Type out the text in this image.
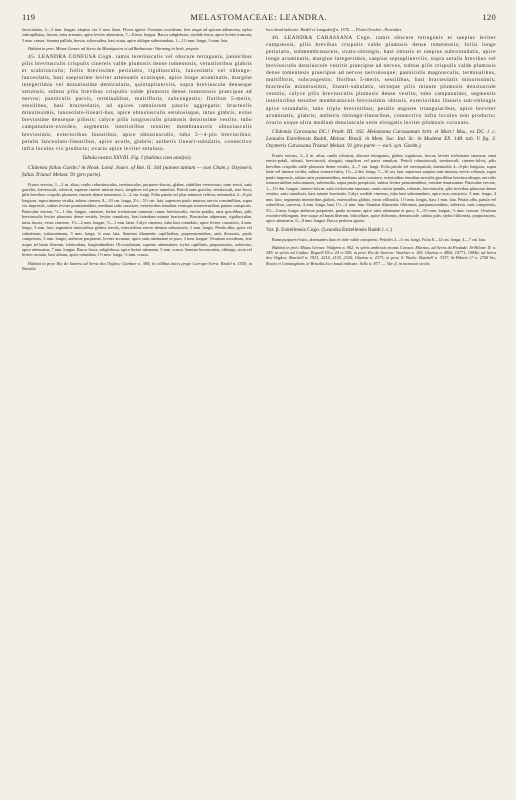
119	MELASTOMACEAE: LEANDRA.	120

fasciculatae, 2—3 mm. longae, saepius via ½ mm. latae. Flores ignoti. Ovarium ovoideum, fere usque ad apicem adhaerens; stylus subcapillatus, firmus, setis armatus, apice leviter attenuatus, 7—8 mm. longus. Bacca subglobosa, sordide fusca, apice leviter truncata, 5 mm. crassa. Semina pallida, brevia, subovoidea, basi acuta, apice oblique subrotundata, 1—1½ mm. longa, ½ mm. lata.

Habitat in prov. Minas Geraes ad Serra da Mantiqueira et ad Barbacena: Warming in herb. propria.

45. LEANDRA CONFUSA Cogn. ramis teretiusculis vel obscure tetragonis, junioribus pilis breviusculis crispulis cinereis valde plumosis dense tomentosis, vetustioribus glabris et scabriusculis; foliis brevissime petiolatis, rigidiusculis, lanceolatis vel oblongo-lanceolatis, basi saepissime leviter attenuatis acutisque, apice longe acuminatis, margine integerrimis vel minutissime denticulatis, quintuplinerviis, supra breviuscule densequе setulosis, subtus pilis brevibus crispulis valde plumosis dense tomentosis praecipue ad nervos; panniculis parvis, terminalibus, multifloris, subcongestis; floribus 5-meris, sessilibus, basi bracteolatis, ad apices ramulorum paucis aggregatis; bracteolis minutissimis, lanceolato-lineari-bus, apice obtusiusculis setulosisque, intus glabris, extus brevissime densequе pilosis; calyce pilis longiusculis plumosis densissime vestito, tubo campanulato-ovoideo, segmentis interioribus tenuiter membranaceis obtusiusculis brevissimis, exterioribus linearibus, apice obtusiusculis, tubo 3—4-plo brevioribus; petalis lanceolato-linearibus, apice acutis, glabris; antheris lineari-subulatis, connectivo infra loculos vix producto; ovario apice leviter setuloso.

Tabula nostra XXVIII. Fig. I (habitus cum analysi).

Clidemia fallax Gardn.! in Hook. Lond. Journ. of Bot. II. 344 (nomen tantum — non Cham.). Oxymeris fallax Triana! Melast. 91 (pro parte).

Frutex erectus, 1—2 m. altus; caulis robustiusculus, teretiusculus, purpureo-fuscus, glaber, subtiliter verrucosus; rami erecti, satis graciles, breviusculi, subrecti, superne cinerei inferne fusci, simplices vel parce ramulosi. Petioli satis graciles, teretiusculi, atro-fusci, pilis brevibus crispulis plumosis cinereis dense tomentosi, 1—2 cm. longi. Folia patula vel plus minusve reflexa, internodiis 4—6-plo longiora, supra intense viridia, subtus cinerea, 8—10 cm. longa, 3½—5½ cm. lata, superiora paulo minora; nervis consimilibus, supra vix impressis, subtus leviter prominentibus, mediano satis crassiore, exterioribus tenuibus venisque transversalibus parum conspicuis. Paniculae erectae, ½—1 dm. longae, cinereae, leviter trichotome ramosae; ramis breviusculis, erecto-patulis, satis gracilibus, pilis breviusculis leviter plumosis dense vestitis, leviter ramulosis, basi interdum minute bracteatis. Bracteolae adpressae, rigidiusculae, intus fuscae, extus cinereae, 1½—2 mm. longae, ½—1 mm. latae. Calyx cinereus, tubo basi rotundato, apice leviter constricto, 4 mm. longo, 3 mm. lato; segmentis interioribus glabris erectis, exterioribus erecto densius subsetaceis, 1 mm. longis. Petala alba, apice vel subrubrum, subacuminata, 3 mm. longa, ¾ mm. lata. Stamina filamentis capillaribus, purpurascentibus, satis flexuosis, paulo compressis, 3 mm. longis; antherae purpureae, leviter arcuatae, apice satis attenuatae et poro, 3 mm. longae. Ovarium ovoideum, fere usque ad basin liberum, tuberculata, longitudinaliter 10-costulatum, superne attenuatum; stylus capillaris, purpurascens, subrectus, apice attenuatus, 7 mm. longus. Bacca fusca, subglobosa, apice leviter attenuata, 5 mm. crassa. Semina fuscescentia, oblonga, recta vel leviter arcuata, basi obtusa, apice rotundata, 1½ mm. longa, ½ mm. crassa.

Habitat in prov. Rio de Janeiro ad Serra dos Orgãos: Gardner n. 384; in collibus micis prope Carrapo-Serra: Riedel n. 1555; in Brasilia

loco haud indicato: Riedel et Langsdorff n. 1576. — Floret Octobri—Novembri.

46. LEANDRA CARASSANA Cogn. ramis obscure tetragonis et saepius leviter compressis, pilis brevibus crispulis valde plumosis dense tomentosis; foliis longe petiolatis, submembranaceis, ovato-oblongis, basi obtusis et saepius subrotundatis, apice longe acuminatis, margine integerrimis, saepius septuplinerviis, supra setulis brevibus vel breviusculis densiuscule vestitis praecipue ad nervos, subtus pilis crispulis valde plumosis dense tomentosis praecipue ad nervos nervulosque; panniculis magnusculis, terminalibus, multifloris, subcongestis; floribus 5-meris, sessilibus, basi bracteolatis minutissimis; bracteolis minutissimis, lineari-subulatis, utrinque pilis minute plumosis densiuscule vestitis; calyce pilis breviusculis plumosis dense vestito, tubo campanulato, segmentis interioribus tenuiter membranaceis brevissimis obtusis, exterioribus linearis sub-oblongis apice rotundatis, tubo triplo brevioribus; petalis anguste triangularibus, apice breviter acuminatis, glabris; antheris oblongo-linearibus, connectivo infra loculos non producto; ovario usque ultra medium densiuscule setis elongatis leviter plumosis coronato.

Clidemia Carassana DC.! Prodr. III. 162. Melastoma Carassanum Schr. et Mart.! Mss., ex DC. l. c. Leandra Estrellensis Raddi, Melast. Brasil. in Mem. Soc. Ital. Sc. in Modena XX. 148. tab. V. fig. 3. Oxymeris Carassana Triana! Melast. 91 (pro parte — excl. syn. Gardn.).

Frutex erectus, 3—5 m. altus; caulis robustus, obscure tetragonus, glaber, rugulosus, fuscus, leviter trichotome ramosus; rami erecto-patuli, robusti, breviusculi, elongati, simplices vel parce ramulosi. Petioli robustiusculi, teretiusculi, cinereo-fulvis, pilis brevibus crispulis valde plumosis dense vestitis, 4—7 cm. longi. Folia patula vel erectopatula, internodiis 4—6-plo longiora, supra laete vel intense viridia, subtus cinereo-fulva, 1½—2 dm. longa, 7—10 cm. lata, superiora saepius satis minora; nervis robustis, supra paulo impressis, subtus satis prominentibus, mediano satis crassiore, exterioribus tenuibus nervulis gracilibus breviusculisque; nervulis transversalibus subcontinuis, subvenulis, supra paulo perspicuis, subtus leviter prominentibus, venulae tenuissimae. Paniculae erectae, 1—1½ dm. longae, cinereo-fulvae, satis trichotome ramosae; ramis erecto-patulis, robustis, breviusculis, pilis brevibus plumosis dense vestitis, satis ramulosis, basi minute bracteatis. Calyx sordide cinereus, tubo basi subrotundato, apice non constricto, 5 mm. longo, 4 mm. lato; segmentis interioribus glabris, exterioribus glabris, extus villosulis, 1½ mm. longis, basi 1 mm. lata. Petala alba, patula vel subreflexa, convexa, 4 mm. longa, basi 1½—2 mm. lata. Stamina filamentis filiformia, purpurascentibus, subrecta, satis compressis, 3½—4 mm. longa; antherae purpureae, paulo arcuatae, apice satis attenuatae et poro, 3—3½ mm. longae, ½ mm. crassae. Ovarium ovoideo-oblongum, fere usque ad basin liberum, bilocellare, apice filiformis, densiuscule, subtus pilis; stylus filiformis, purpurascens, apice attenuatus, 6—8 mm. longus. Bacca perfecta ignota.

Var. β. Estrellensis Cogn. (Leandra Estrellensis Raddi l. c.)

Rami purpureo-fusci, alternantes bino et inde valde compressi. Petioles 2—3 cm. longi. Folia 8—12 cm. longa, 4—7 cm. lata.

Habitat in prov. Minas Geraes: Widgren n. 902; in sylvis umbrosis montis Caraca: Martius; ad Serra da Piedade: St-Hilaire D. n. 549; in sylvis ad Caldas: Regnell III n. 24 et 545; in prov. Rio de Janeiro: Vauthier n. 169, Glaziou n. 4806, 10771, 10846; ad Serra dos Orgãos: Burchell n. 1921, 2214, 2130, 2326; Glaziou n. 2373; in prov. S. Paulo: Burchell n. 3337, St-Hilaire C² n. 2768 bis, Bowie et Cunningham; in Brasilia loco haud indicato: Sello n. 877. — Var. β. in montosis sicciis
